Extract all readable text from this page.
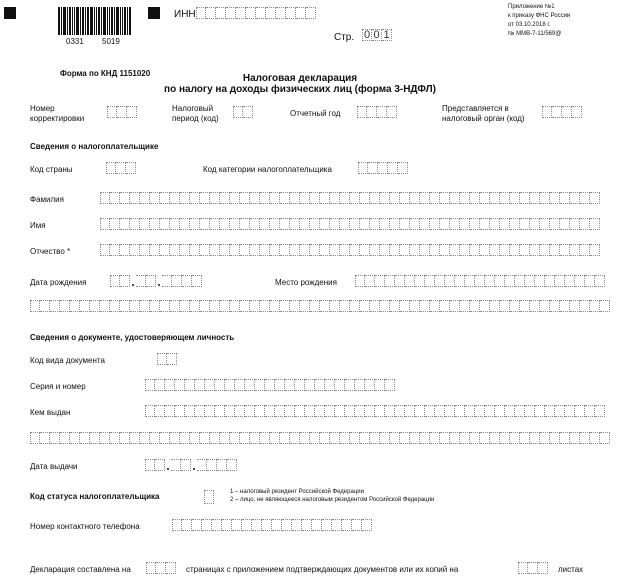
0331 5019
ИНН
Стр. 0 0 1
Приложение №1
к приказу ФНС России
от 03.10.2018 г.
№ ММВ-7-11/569@
Форма по КНД 1151020	Налоговая декларация
по налогу на доходы физических лиц (форма 3-НДФЛ)
Номер
корректировки
Налоговый
период (код)
Отчетный год
Представляется в
налоговый орган (код)
Сведения о налогоплательщике
Код страны	Код категории налогоплательщика
Фамилия
Имя
Отчество *
Дата рождения	Место рождения
Сведения о документе, удостоверяющем личность
Код вида документа
Серия и номер
Кем выдан
Дата выдачи
Код статуса налогоплательщика	1 – налоговый резидент Российской Федерации
2 – лицо, не являющееся налоговым резидентом Российской Федерации
Номер контактного телефона
Декларация составлена на	страницах с приложением подтверждающих документов или их копий на	листах
